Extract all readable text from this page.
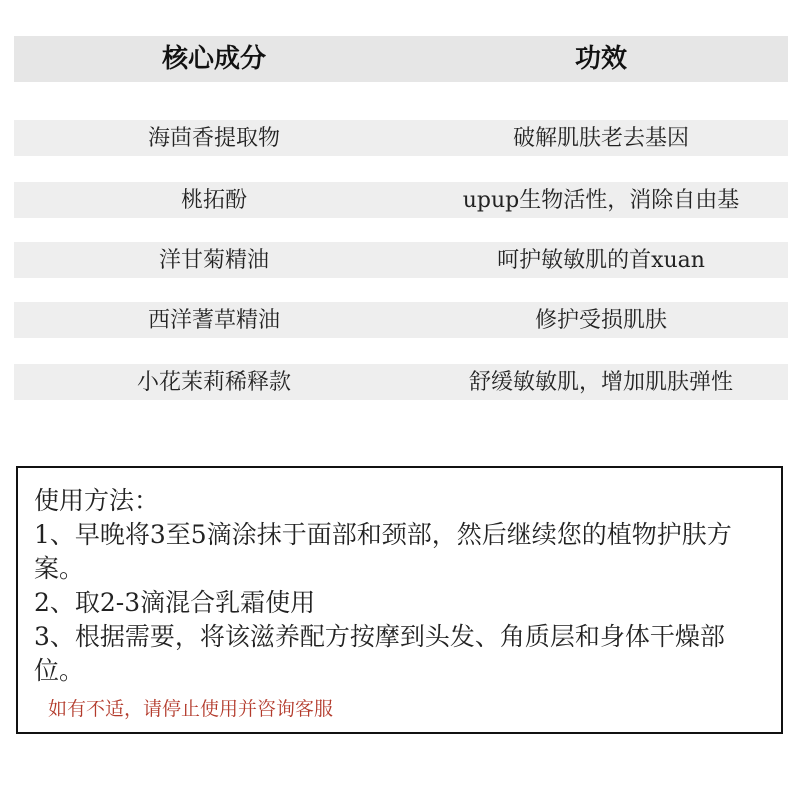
核心成分	功效
海茴香提取物	破解肌肤老去基因
桃拓酚	upup生物活性，消除自由基
洋甘菊精油	呵护敏敏肌的首xuan
西洋蓍草精油	修护受损肌肤
小花茉莉稀释款	舒缓敏敏肌，增加肌肤弹性
使用方法：

1、早晚将3至5滴涂抹于面部和颈部，然后继续您的植物护肤方案。

2、取2-3滴混合乳霜使用

3、根据需要，将该滋养配方按摩到头发、角质层和身体干燥部位。

如有不适，请停止使用并咨询客服
